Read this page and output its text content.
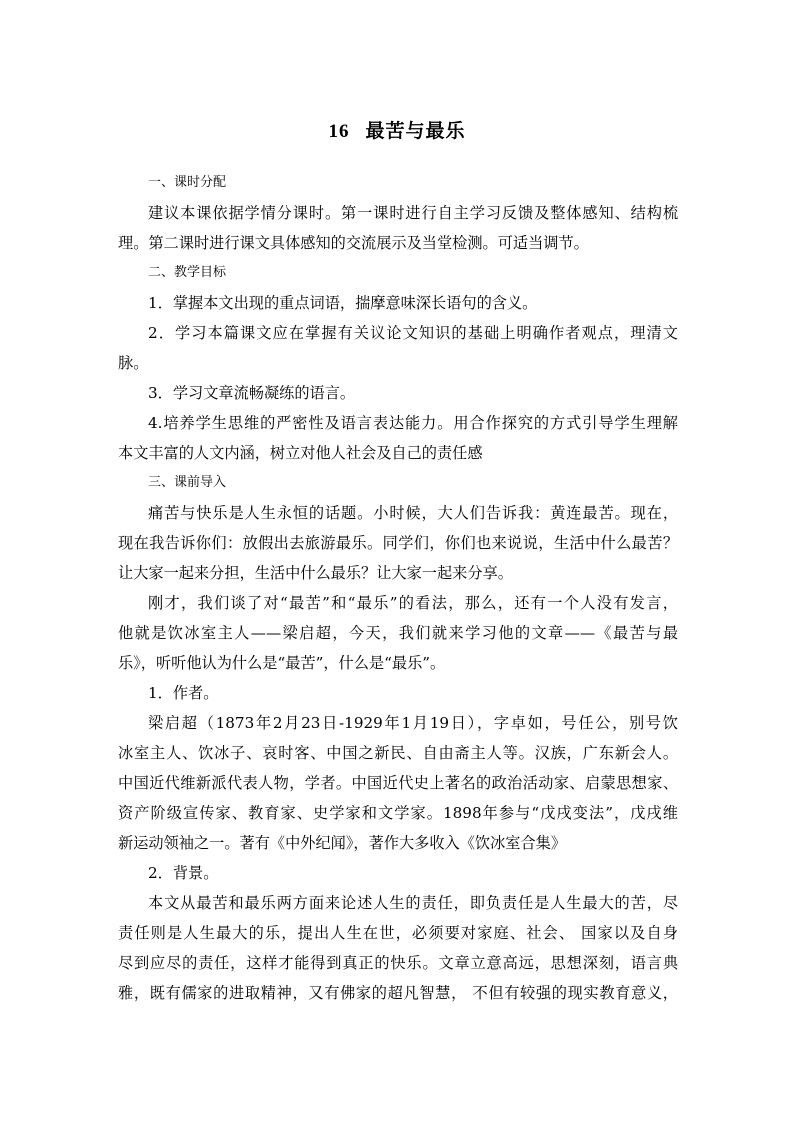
16 最苦与最乐
一、课时分配
建议本课依据学情分课时。第一课时进行自主学习反馈及整体感知、结构梳
理。第二课时进行课文具体感知的交流展示及当堂检测。可适当调节。
二、教学目标
1．掌握本文出现的重点词语，揣摩意味深长语句的含义。
2．学习本篇课文应在掌握有关议论文知识的基础上明确作者观点，理清文
脉。
3．学习文章流畅凝练的语言。
4.培养学生思维的严密性及语言表达能力。用合作探究的方式引导学生理解
本文丰富的人文内涵，树立对他人社会及自己的责任感
三、课前导入
痛苦与快乐是人生永恒的话题。小时候，大人们告诉我：黄连最苦。现在，
现在我告诉你们：放假出去旅游最乐。同学们，你们也来说说，生活中什么最苦？
让大家一起来分担，生活中什么最乐？让大家一起来分享。
刚才，我们谈了对“最苦”和“最乐”的看法，那么，还有一个人没有发言，
他就是饮冰室主人——梁启超，今天，我们就来学习他的文章——《最苦与最
乐》，听听他认为什么是“最苦”，什么是“最乐”。
1．作者。
梁启超（1873年2月23日-1929年1月19日），字卓如，号任公，别号饮
冰室主人、饮冰子、哀时客、中国之新民、自由斋主人等。汉族，广东新会人。
中国近代维新派代表人物，学者。中国近代史上著名的政治活动家、启蒙思想家、
资产阶级宣传家、教育家、史学家和文学家。1898年参与“戊戌变法”，戊戌维
新运动领袖之一。著有《中外纪闻》，著作大多收入《饮冰室合集》
2．背景。
本文从最苦和最乐两方面来论述人生的责任，即负责任是人生最大的苦，尽
责任则是人生最大的乐，提出人生在世，必须要对家庭、社会、 国家以及自身
尽到应尽的责任，这样才能得到真正的快乐。文章立意高远，思想深刻，语言典
雅，既有儒家的进取精神，又有佛家的超凡智慧， 不但有较强的现实教育意义，
